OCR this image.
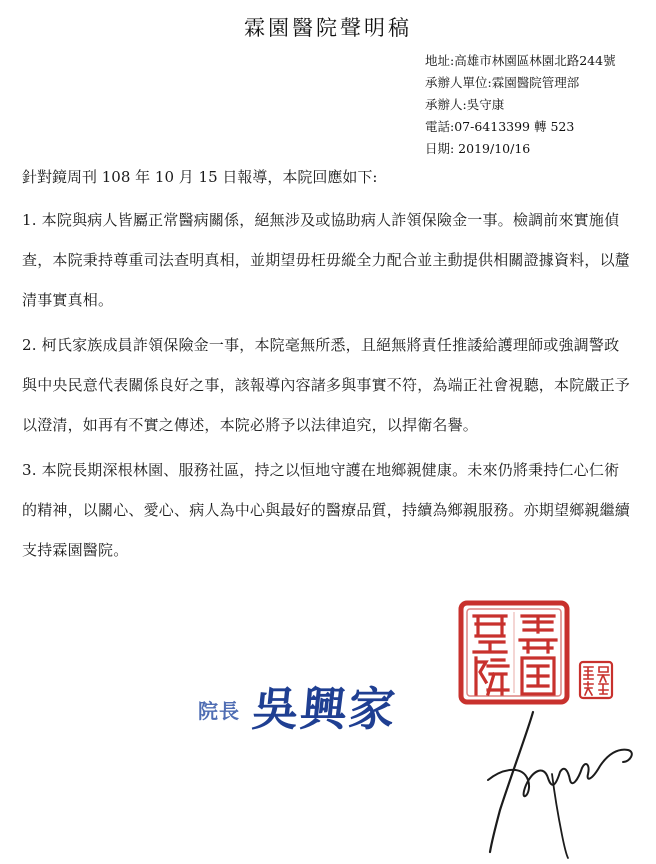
霖園醫院聲明稿
地址:高雄市林園區林園北路244號
承辦人單位:霖園醫院管理部
承辦人:吳守康
電話:07-6413399 轉 523
日期: 2019/10/16
針對鏡周刊 108 年 10 月 15 日報導，本院回應如下:
1. 本院與病人皆屬正常醫病關係，絕無涉及或協助病人詐領保險金一事。檢調前來實施偵查，本院秉持尊重司法查明真相，並期望毋枉毋縱全力配合並主動提供相關證據資料，以釐清事實真相。
2. 柯氏家族成員詐領保險金一事，本院毫無所悉，且絕無將責任推諉給護理師或強調警政與中央民意代表關係良好之事，該報導內容諸多與事實不符，為端正社會視聽，本院嚴正予以澄清，如再有不實之傳述，本院必將予以法律追究，以捍衛名譽。
3. 本院長期深根林園、服務社區，持之以恒地守護在地鄉親健康。未來仍將秉持仁心仁術的精神，以關心、愛心、病人為中心與最好的醫療品質，持續為鄉親服務。亦期望鄉親繼續支持霖園醫院。
院長 吳興家
